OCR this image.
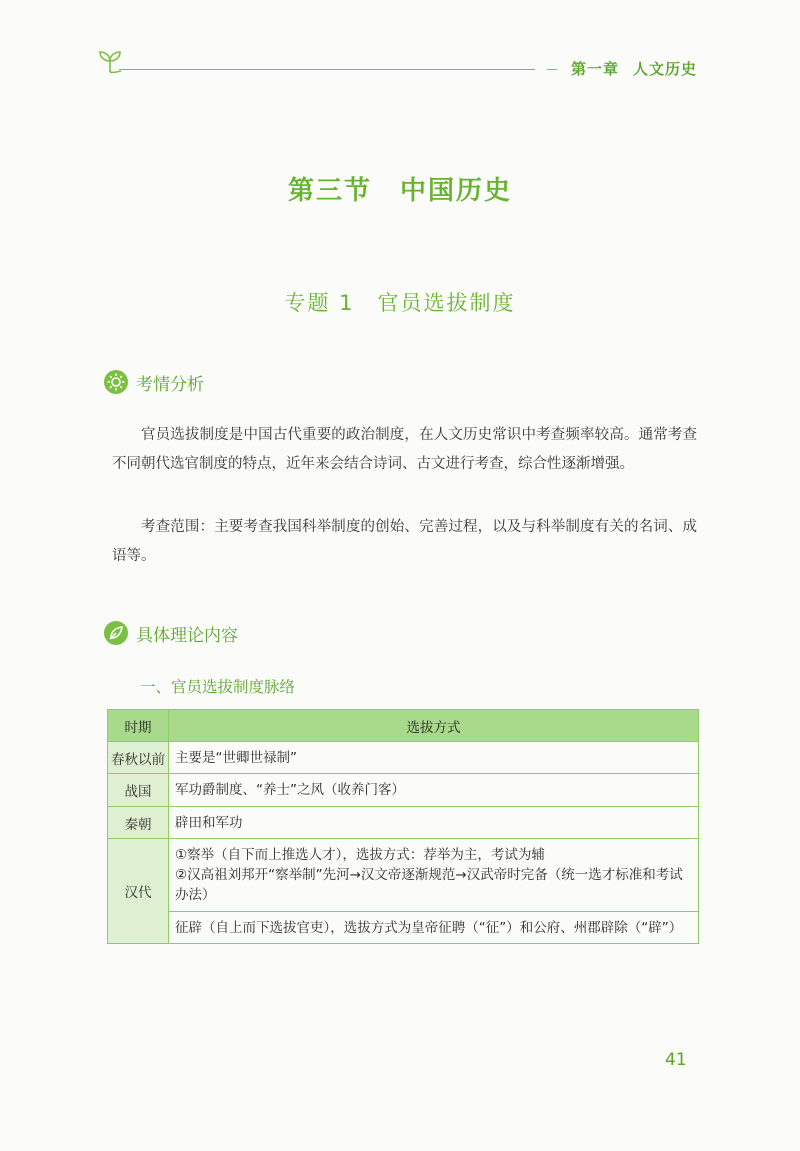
第一章 人文历史
第三节　中国历史
专题 1　官员选拔制度
考情分析

官员选拔制度是中国古代重要的政治制度，在人文历史常识中考查频率较高。通常考查不同朝代选官制度的特点，近年来会结合诗词、古文进行考查，综合性逐渐增强。

考查范围：主要考查我国科举制度的创始、完善过程，以及与科举制度有关的名词、成语等。

具体理论内容
一、官员选拔制度脉络
时期	选拔方式
春秋以前	主要是“世卿世禄制”

战国	军功爵制度、“养士”之风（收养门客）

秦朝	辟田和军功

汉代	①察举（自下而上推选人才），选拔方式：荐举为主，考试为辅
②汉高祖刘邦开“察举制”先河→汉文帝逐渐规范→汉武帝时完备（统一选才标准和考试办法）

	征辟（自上而下选拔官吏），选拔方式为皇帝征聘（“征”）和公府、州郡辟除（“辟”）
41
